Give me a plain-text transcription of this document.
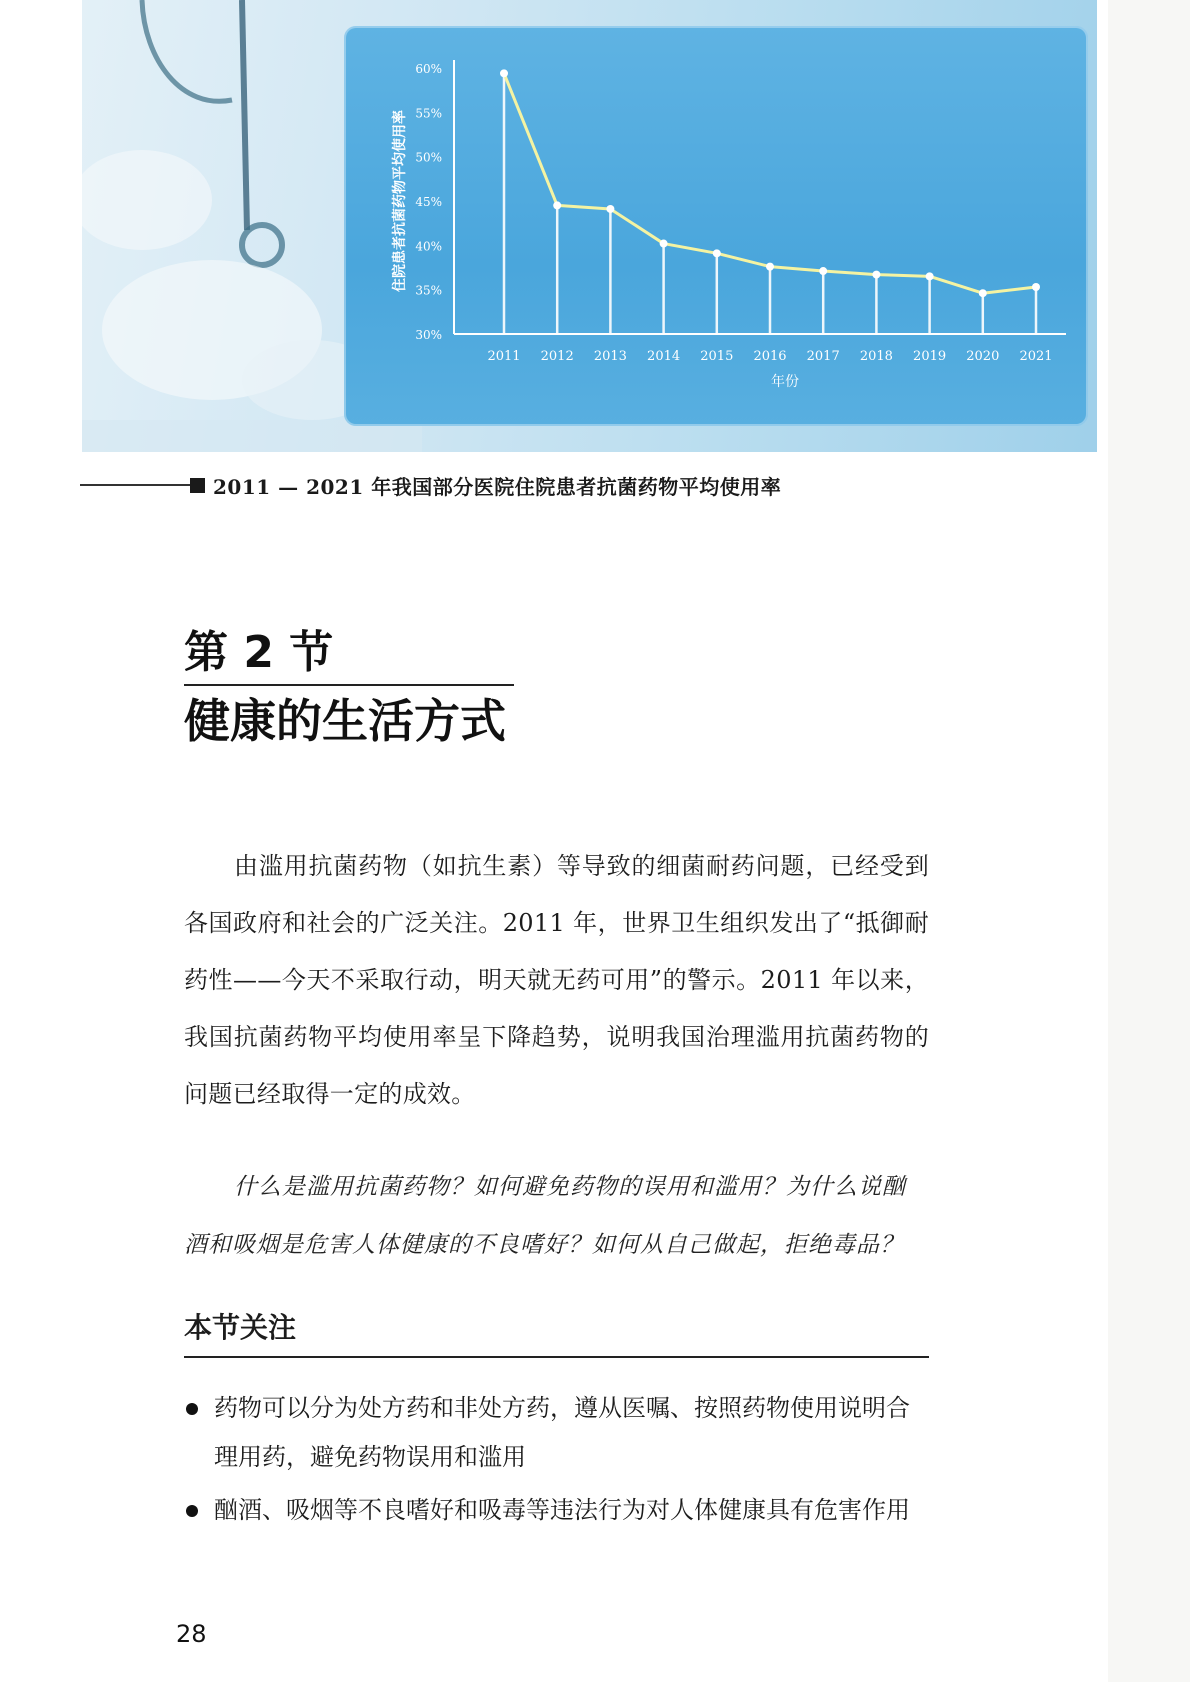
30%
35%
40%
45%
50%
55%
60%
住院患者抗菌药物平均使用率
年份
2011 2012 2013 2014 2015 2016 2017 2018 2019 2020 2021
2011 — 2021 年我国部分医院住院患者抗菌药物平均使用率
第 2 节
健康的生活方式

由滥用抗菌药物（如抗生素）等导致的细菌耐药问题，已经受到各国政府和社会的广泛关注。2011 年，世界卫生组织发出了“抵御耐药性——今天不采取行动，明天就无药可用”的警示。2011 年以来，我国抗菌药物平均使用率呈下降趋势，说明我国治理滥用抗菌药物的问题已经取得一定的成效。

什么是滥用抗菌药物？如何避免药物的误用和滥用？为什么说酗酒和吸烟是危害人体健康的不良嗜好？如何从自己做起，拒绝毒品？

本节关注
药物可以分为处方药和非处方药，遵从医嘱、按照药物使用说明合理用药，避免药物误用和滥用
酗酒、吸烟等不良嗜好和吸毒等违法行为对人体健康具有危害作用
28
